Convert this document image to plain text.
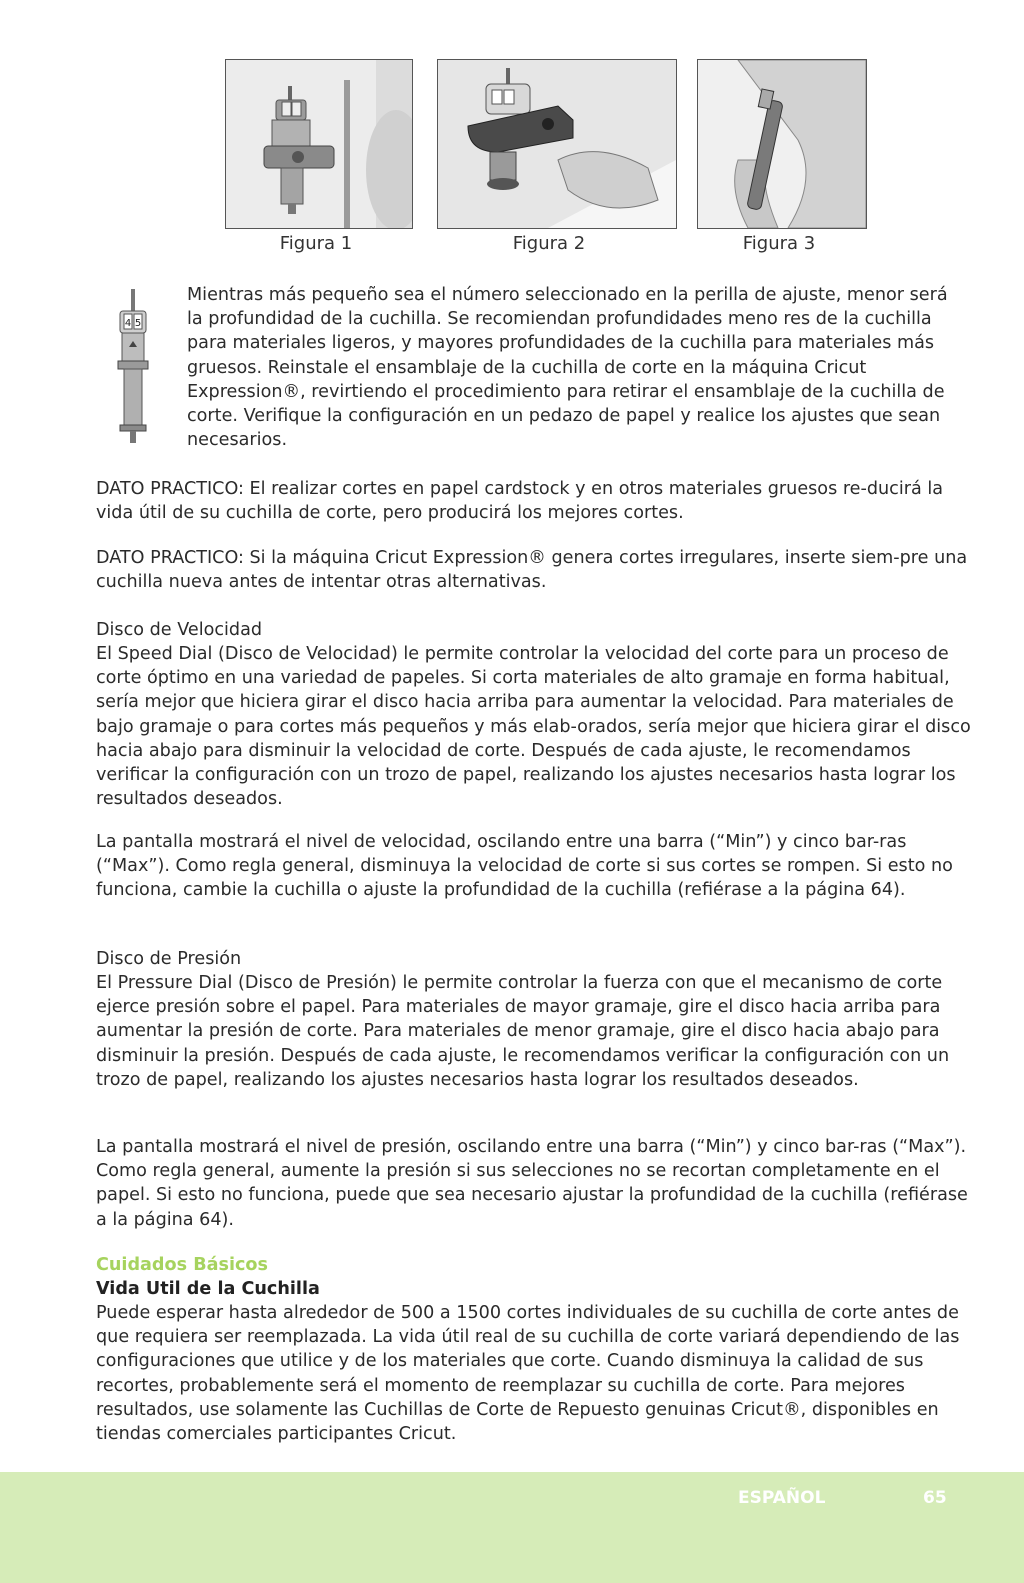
Figura 1	Figura 2	Figura 3
4 5

Mientras más pequeño sea el número seleccionado en la perilla de ajuste, menor será la profundidad de la cuchilla. Se recomiendan profundidades meno res de la cuchilla para materiales ligeros, y mayores profundidades de la cuchilla para materiales más gruesos. Reinstale el ensamblaje de la cuchilla de corte en la máquina Cricut Expression®, revirtiendo el procedimiento para retirar el ensamblaje de la cuchilla de corte. Verifique la configuración en un pedazo de papel y realice los ajustes que sean necesarios.

DATO PRACTICO: El realizar cortes en papel cardstock y en otros materiales gruesos re-ducirá la vida útil de su cuchilla de corte, pero producirá los mejores cortes.

DATO PRACTICO: Si la máquina Cricut Expression® genera cortes irregulares, inserte siem-pre una cuchilla nueva antes de intentar otras alternativas.

Disco de Velocidad

El Speed Dial (Disco de Velocidad) le permite controlar la velocidad del corte para un proceso de corte óptimo en una variedad de papeles. Si corta materiales de alto gramaje en forma habitual, sería mejor que hiciera girar el disco hacia arriba para aumentar la velocidad. Para materiales de bajo gramaje o para cortes más pequeños y más elab-orados, sería mejor que hiciera girar el disco hacia abajo para disminuir la velocidad de corte. Después de cada ajuste, le recomendamos verificar la configuración con un trozo de papel, realizando los ajustes necesarios hasta lograr los resultados deseados.

La pantalla mostrará el nivel de velocidad, oscilando entre una barra (“Min”) y cinco bar-ras (“Max”). Como regla general, disminuya la velocidad de corte si sus cortes se rompen. Si esto no funciona, cambie la cuchilla o ajuste la profundidad de la cuchilla (refiérase a la página 64).

Disco de Presión

El Pressure Dial (Disco de Presión) le permite controlar la fuerza con que el mecanismo de corte ejerce presión sobre el papel. Para materiales de mayor gramaje, gire el disco hacia arriba para aumentar la presión de corte. Para materiales de menor gramaje, gire el disco hacia abajo para disminuir la presión. Después de cada ajuste, le recomendamos verificar la configuración con un trozo de papel, realizando los ajustes necesarios hasta lograr los resultados deseados.

La pantalla mostrará el nivel de presión, oscilando entre una barra (“Min”) y cinco bar-ras (“Max”). Como regla general, aumente la presión si sus selecciones no se recortan completamente en el papel. Si esto no funciona, puede que sea necesario ajustar la profundidad de la cuchilla (refiérase a la página 64).

Cuidados Básicos

Vida Util de la Cuchilla

Puede esperar hasta alrededor de 500 a 1500 cortes individuales de su cuchilla de corte antes de que requiera ser reemplazada. La vida útil real de su cuchilla de corte variará dependiendo de las configuraciones que utilice y de los materiales que corte. Cuando disminuya la calidad de sus recortes, probablemente será el momento de reemplazar su cuchilla de corte. Para mejores resultados, use solamente las Cuchillas de Corte de Repuesto genuinas Cricut®, disponibles en tiendas comerciales participantes Cricut.

ESPAÑOL	65
